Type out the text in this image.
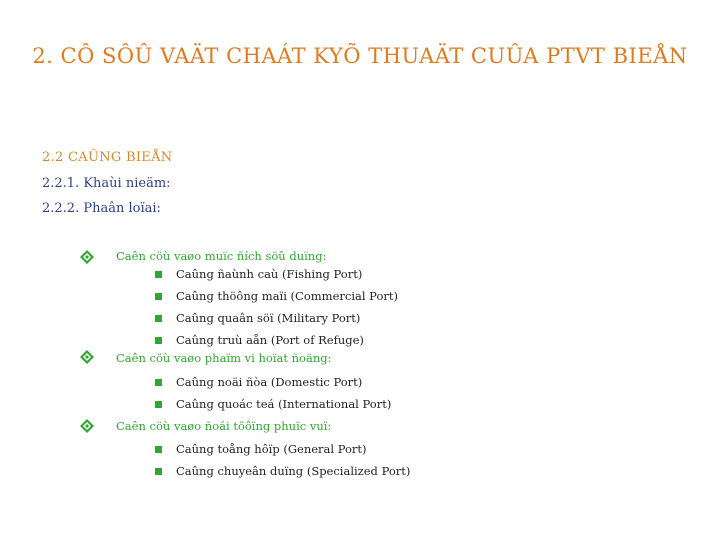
2. CÔ SÔÛ VAÄT CHAÁT KYÕ THUAÄT CUÛA PTVT BIEÅN
2.2 CAÛNG BIEÅN
2.2.1. Khaùi nieäm:
2.2.2. Phaân loïai:
Caên cöù vaøo muïc ñích söû duïng:
Caûng ñaùnh caù (Fishing Port)
Caûng thöông maïi (Commercial Port)
Caûng quaân söï (Military Port)
Caûng truù aån (Port of Refuge)
Caên cöù vaøo phaïm vi hoïat ñoäng:
Caûng noäi ñòa (Domestic Port)
Caûng quoác teá (International Port)
Caên cöù vaøo ñoái töôïng phuïc vuï:
Caûng toång hôïp (General Port)
Caûng chuyeân duïng (Specialized Port)
